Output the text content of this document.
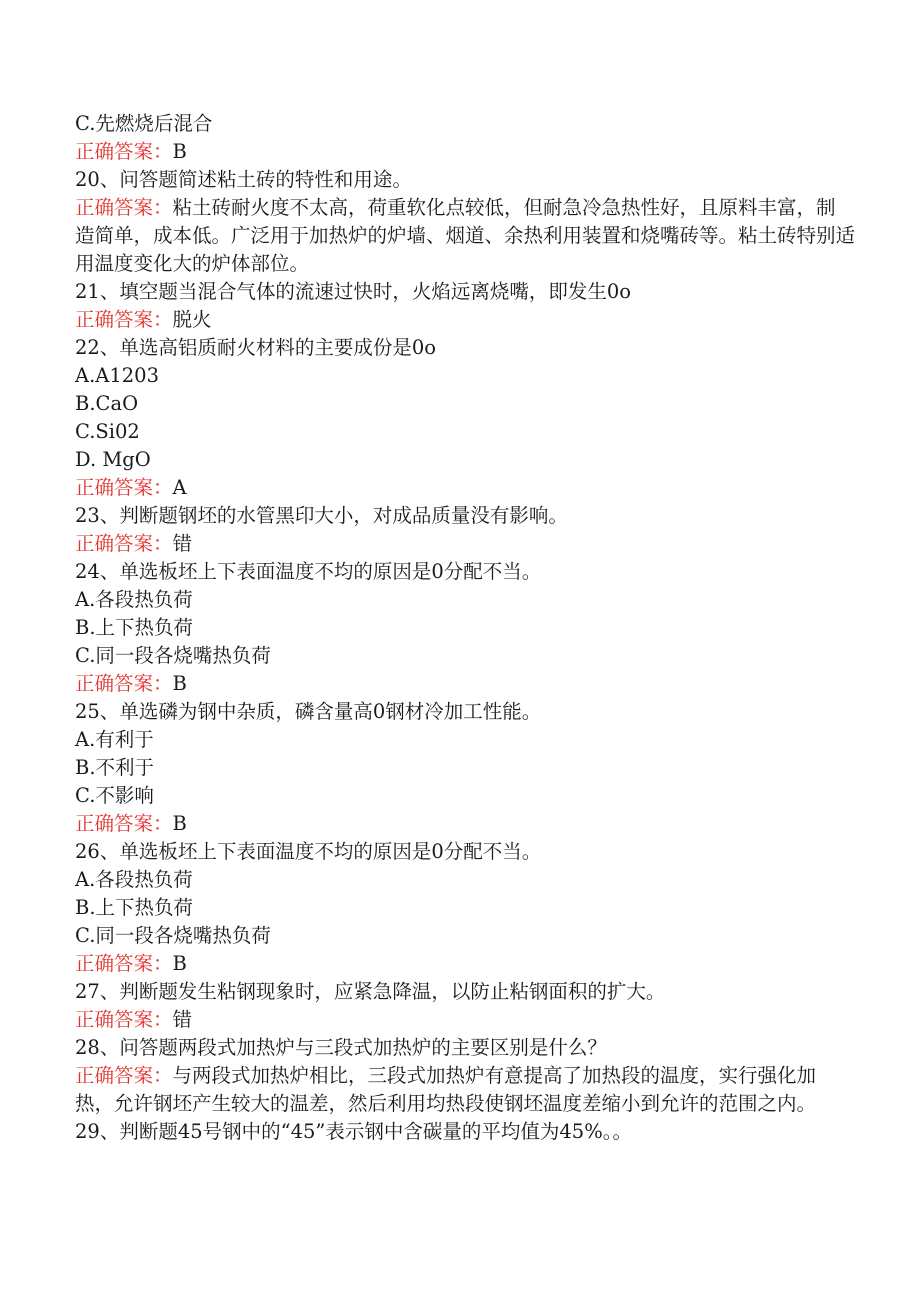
C.先燃烧后混合
正确答案：B
20、问答题简述粘土砖的特性和用途。
正确答案：粘土砖耐火度不太高，荷重软化点较低，但耐急冷急热性好，且原料丰富，制造简单，成本低。广泛用于加热炉的炉墙、烟道、余热利用装置和烧嘴砖等。粘土砖特别适用温度变化大的炉体部位。
21、填空题当混合气体的流速过快时，火焰远离烧嘴，即发生0o
正确答案：脱火
22、单选高铝质耐火材料的主要成份是0o
A.A1203
B.CaO
C.Si02
D. MgO
正确答案：A
23、判断题钢坯的水管黑印大小，对成品质量没有影响。
正确答案：错
24、单选板坯上下表面温度不均的原因是0分配不当。
A.各段热负荷
B.上下热负荷
C.同一段各烧嘴热负荷
正确答案：B
25、单选磷为钢中杂质，磷含量高0钢材冷加工性能。
A.有利于
B.不利于
C.不影响
正确答案：B
26、单选板坯上下表面温度不均的原因是0分配不当。
A.各段热负荷
B.上下热负荷
C.同一段各烧嘴热负荷
正确答案：B
27、判断题发生粘钢现象时，应紧急降温，以防止粘钢面积的扩大。
正确答案：错
28、问答题两段式加热炉与三段式加热炉的主要区别是什么？
正确答案：与两段式加热炉相比，三段式加热炉有意提高了加热段的温度，实行强化加热，允许钢坯产生较大的温差，然后利用均热段使钢坯温度差缩小到允许的范围之内。
29、判断题45号钢中的“45”表示钢中含碳量的平均值为45%。。
